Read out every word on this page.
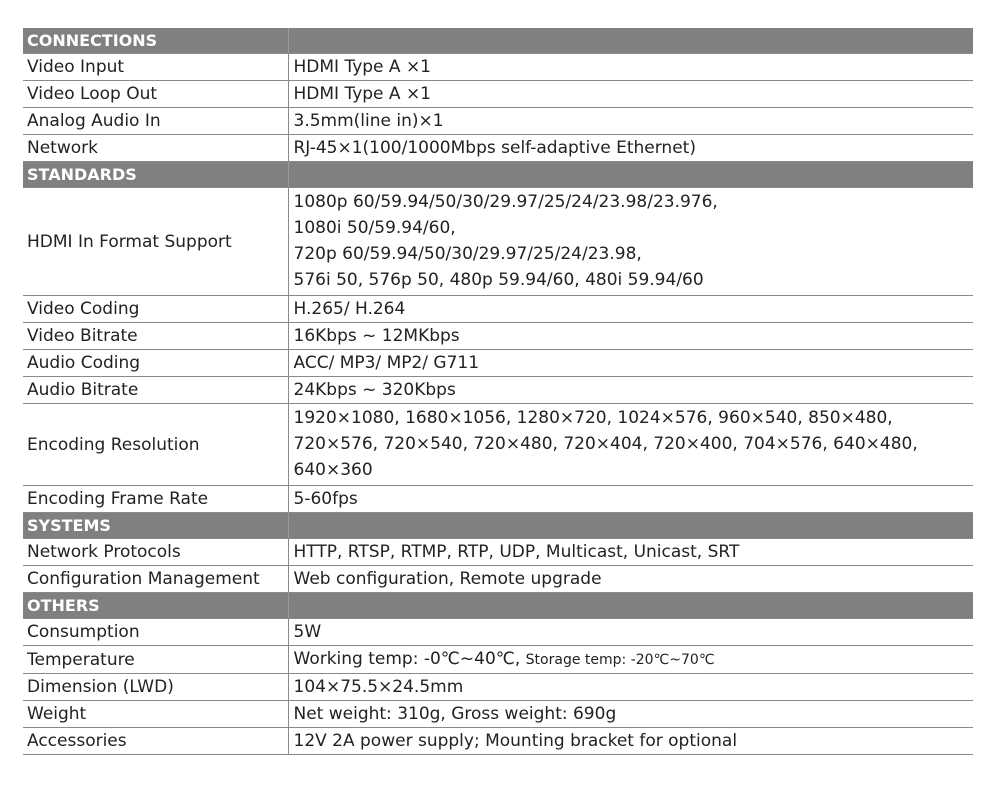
CONNECTIONS	
Video Input	HDMI Type A ×1
Video Loop Out	HDMI Type A ×1
Analog Audio In	3.5mm(line in)×1
Network	RJ-45×1(100/1000Mbps self-adaptive Ethernet)
STANDARDS	
HDMI In Format Support	1080p 60/59.94/50/30/29.97/25/24/23.98/23.976,
1080i 50/59.94/60,
720p 60/59.94/50/30/29.97/25/24/23.98,
576i 50, 576p 50, 480p 59.94/60, 480i 59.94/60

Video Coding	H.265/ H.264
Video Bitrate	16Kbps ~ 12MKbps
Audio Coding	ACC/ MP3/ MP2/ G711
Audio Bitrate	24Kbps ~ 320Kbps
Encoding Resolution	1920×1080, 1680×1056, 1280×720, 1024×576, 960×540, 850×480,
720×576, 720×540, 720×480, 720×404, 720×400, 704×576, 640×480,
640×360

Encoding Frame Rate	5-60fps
SYSTEMS	
Network Protocols	HTTP, RTSP, RTMP, RTP, UDP, Multicast, Unicast, SRT
Configuration Management	Web configuration, Remote upgrade
OTHERS	
Consumption	5W
Temperature	Working temp: -0℃~40℃, Storage temp: -20℃~70℃
Dimension (LWD)	104×75.5×24.5mm
Weight	Net weight: 310g, Gross weight: 690g
Accessories	12V 2A power supply; Mounting bracket for optional
